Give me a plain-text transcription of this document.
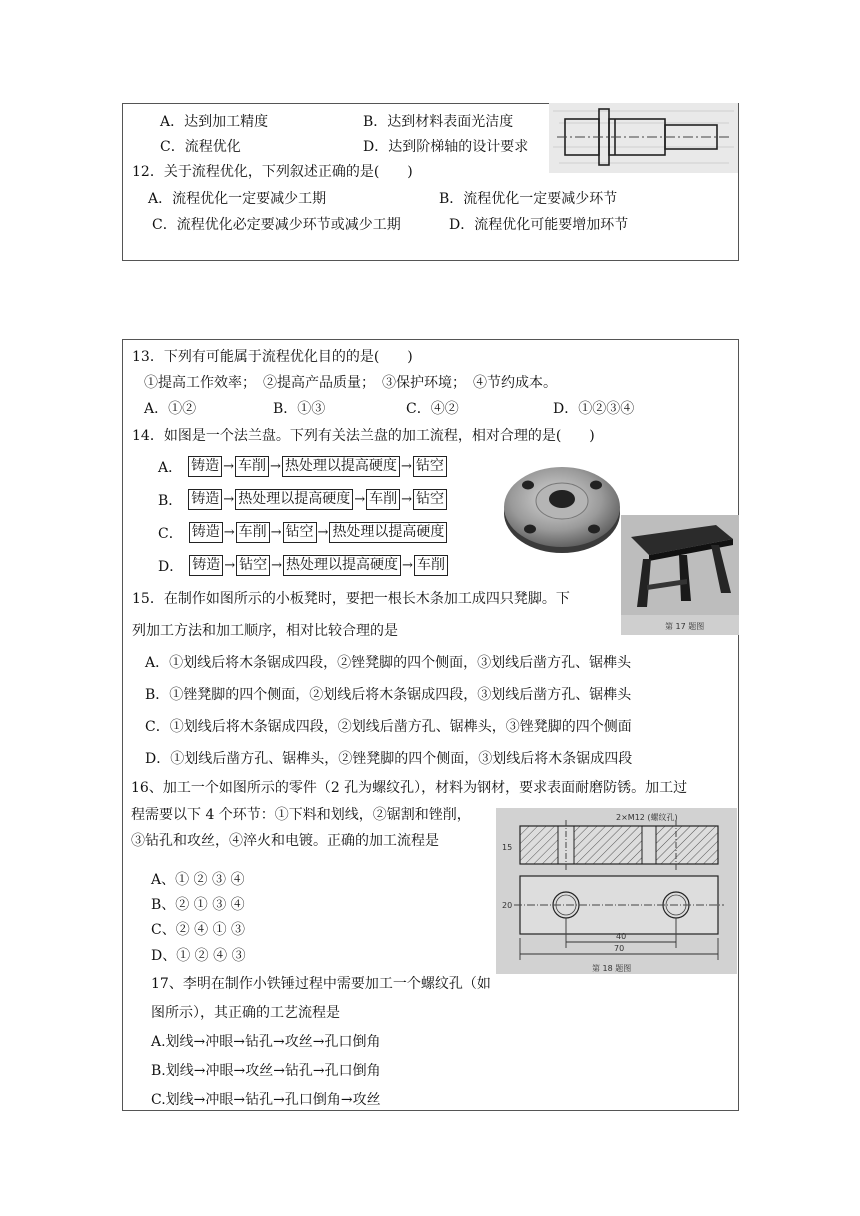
A．达到加工精度	B．达到材料表面光洁度
C．流程优化	D．达到阶梯轴的设计要求
12．关于流程优化，下列叙述正确的是(　　)
A．流程优化一定要减少工期	B．流程优化一定要减少环节
C．流程优化必定要减少环节或减少工期	D．流程优化可能要增加环节
13．下列有可能属于流程优化目的的是(　　)
①提高工作效率；　②提高产品质量；　③保护环境；　④节约成本。
A．①②	B．①③	C．④②	D．①②③④
14．如图是一个法兰盘。下列有关法兰盘的加工流程，相对合理的是(　　)
A． 铸造 → 车削 → 热处理以提高硬度 → 钻空
B． 铸造 → 热处理以提高硬度 → 车削 → 钻空
C． 铸造 → 车削 → 钻空 → 热处理以提高硬度
D． 铸造 → 钻空 → 热处理以提高硬度 → 车削
第 17 题图
15．在制作如图所示的小板凳时，要把一根长木条加工成四只凳脚。下
列加工方法和加工顺序，相对比较合理的是
A．①划线后将木条锯成四段，②锉凳脚的四个侧面，③划线后凿方孔、锯榫头
B．①锉凳脚的四个侧面，②划线后将木条锯成四段，③划线后凿方孔、锯榫头
C．①划线后将木条锯成四段，②划线后凿方孔、锯榫头，③锉凳脚的四个侧面
D．①划线后凿方孔、锯榫头，②锉凳脚的四个侧面，③划线后将木条锯成四段
16、加工一个如图所示的零件（2 孔为螺纹孔），材料为钢材，要求表面耐磨防锈。加工过
程需要以下 4 个环节：①下料和划线，②锯割和锉削，
③钻孔和攻丝，④淬火和电镀。正确的加工流程是
A、① ② ③ ④
B、② ① ③ ④
C、② ④ ① ③
D、① ② ④ ③
2×M12 (螺纹孔)
15
20
40
70
第 18 题图
17、李明在制作小铁锤过程中需要加工一个螺纹孔（如
图所示），其正确的工艺流程是
A.划线→冲眼→钻孔→攻丝→孔口倒角
B.划线→冲眼→攻丝→钻孔→孔口倒角
C.划线→冲眼→钻孔→孔口倒角→攻丝
